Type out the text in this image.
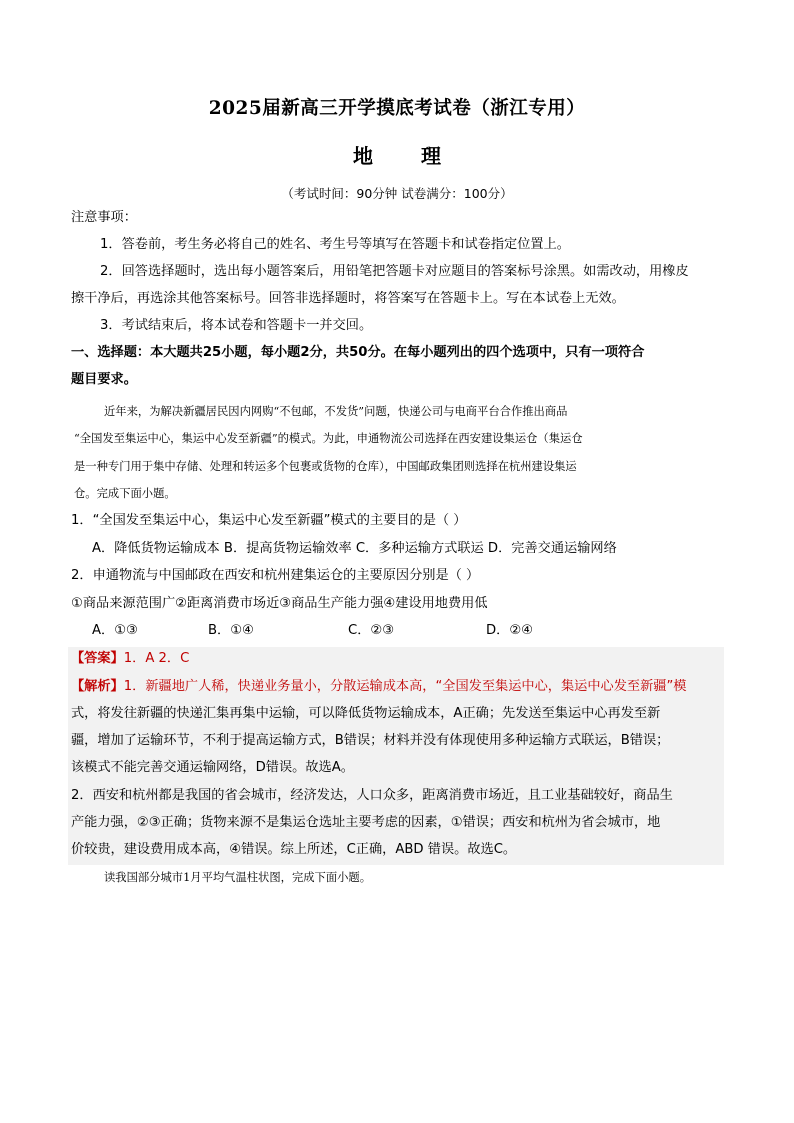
2025届新高三开学摸底考试卷（浙江专用）
地 理
（考试时间：90分钟 试卷满分：100分）
注意事项：
1．答卷前，考生务必将自己的姓名、考生号等填写在答题卡和试卷指定位置上。
2．回答选择题时，选出每小题答案后，用铅笔把答题卡对应题目的答案标号涂黑。如需改动，用橡皮
擦干净后，再选涂其他答案标号。回答非选择题时，将答案写在答题卡上。写在本试卷上无效。
3．考试结束后，将本试卷和答题卡一并交回。
一、选择题：本大题共25小题，每小题2分，共50分。在每小题列出的四个选项中，只有一项符合
题目要求。
近年来，为解决新疆居民因内网购“不包邮，不发货”问题，快递公司与电商平台合作推出商品
“全国发至集运中心，集运中心发至新疆”的模式。为此，申通物流公司选择在西安建设集运仓（集运仓
是一种专门用于集中存储、处理和转运多个包裹或货物的仓库），中国邮政集团则选择在杭州建设集运
仓。完成下面小题。
1．“全国发至集运中心，集运中心发至新疆”模式的主要目的是（ ）
A．降低货物运输成本 B．提高货物运输效率 C．多种运输方式联运 D．完善交通运输网络
2．申通物流与中国邮政在西安和杭州建集运仓的主要原因分别是（ ）
①商品来源范围广②距离消费市场近③商品生产能力强④建设用地费用低
A．①③	B．①④	C．②③	D．②④
【答案】1．A 2．C
【解析】1．新疆地广人稀，快递业务量小，分散运输成本高，“全国发至集运中心，集运中心发至新疆”模
式，将发往新疆的快递汇集再集中运输，可以降低货物运输成本，A正确；先发送至集运中心再发至新
疆，增加了运输环节，不利于提高运输方式，B错误；材料并没有体现使用多种运输方式联运，B错误；
该模式不能完善交通运输网络，D错误。故选A。
2．西安和杭州都是我国的省会城市，经济发达，人口众多，距离消费市场近，且工业基础较好，商品生
产能力强，②③正确；货物来源不是集运仓选址主要考虑的因素，①错误；西安和杭州为省会城市，地
价较贵，建设费用成本高，④错误。综上所述，C正确，ABD 错误。故选C。
读我国部分城市1月平均气温柱状图，完成下面小题。
